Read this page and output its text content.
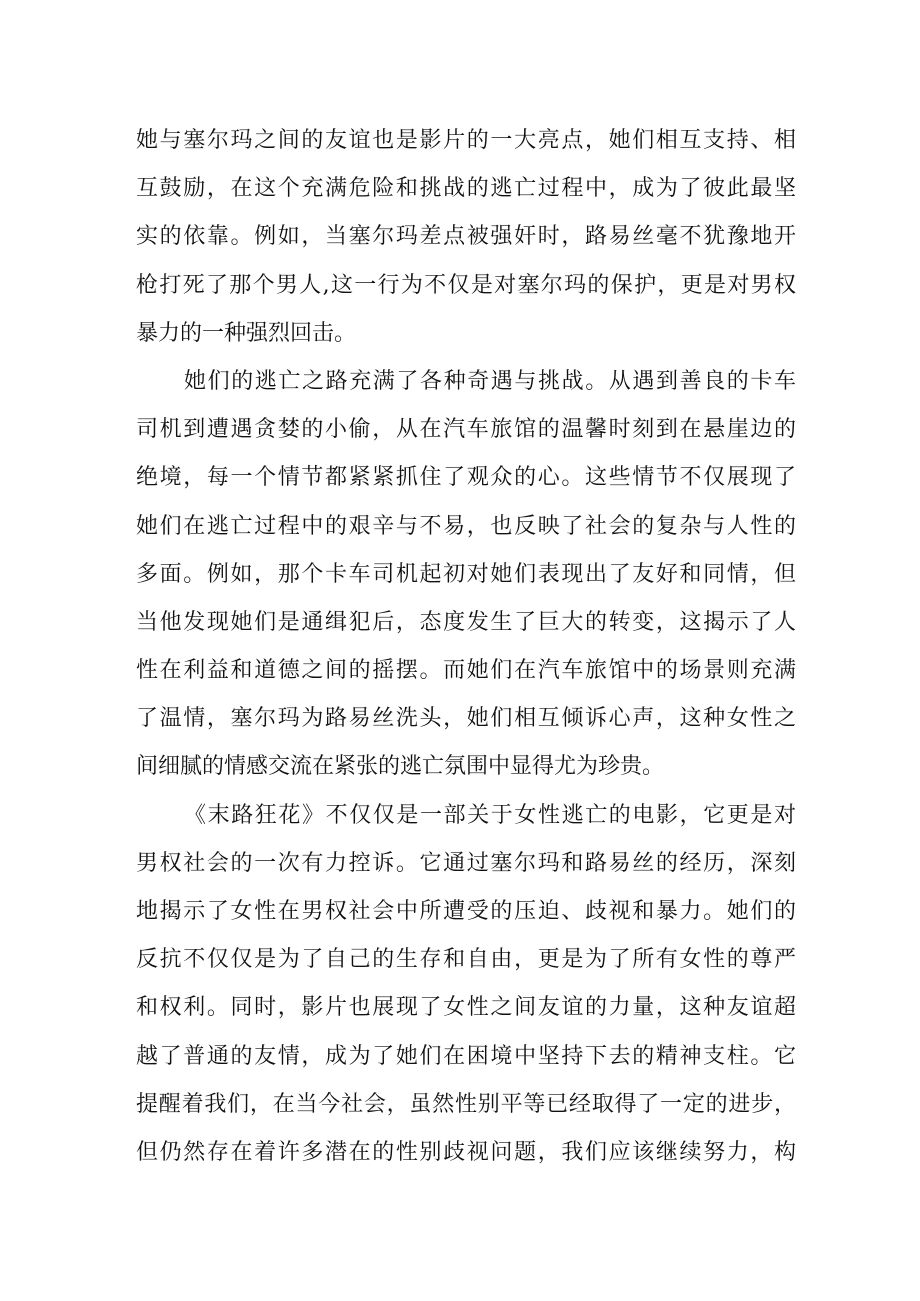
她与塞尔玛之间的友谊也是影片的一大亮点，她们相互支持、相
互鼓励，在这个充满危险和挑战的逃亡过程中，成为了彼此最坚
实的依靠。例如，当塞尔玛差点被强奸时，路易丝毫不犹豫地开
枪打死了那个男人,这一行为不仅是对塞尔玛的保护，更是对男权
暴力的一种强烈回击。
她们的逃亡之路充满了各种奇遇与挑战。从遇到善良的卡车
司机到遭遇贪婪的小偷，从在汽车旅馆的温馨时刻到在悬崖边的
绝境，每一个情节都紧紧抓住了观众的心。这些情节不仅展现了
她们在逃亡过程中的艰辛与不易，也反映了社会的复杂与人性的
多面。例如，那个卡车司机起初对她们表现出了友好和同情，但
当他发现她们是通缉犯后，态度发生了巨大的转变，这揭示了人
性在利益和道德之间的摇摆。而她们在汽车旅馆中的场景则充满
了温情，塞尔玛为路易丝洗头，她们相互倾诉心声，这种女性之
间细腻的情感交流在紧张的逃亡氛围中显得尤为珍贵。
《末路狂花》不仅仅是一部关于女性逃亡的电影，它更是对
男权社会的一次有力控诉。它通过塞尔玛和路易丝的经历，深刻
地揭示了女性在男权社会中所遭受的压迫、歧视和暴力。她们的
反抗不仅仅是为了自己的生存和自由，更是为了所有女性的尊严
和权利。同时，影片也展现了女性之间友谊的力量，这种友谊超
越了普通的友情，成为了她们在困境中坚持下去的精神支柱。它
提醒着我们，在当今社会，虽然性别平等已经取得了一定的进步，
但仍然存在着许多潜在的性别歧视问题，我们应该继续努力，构
